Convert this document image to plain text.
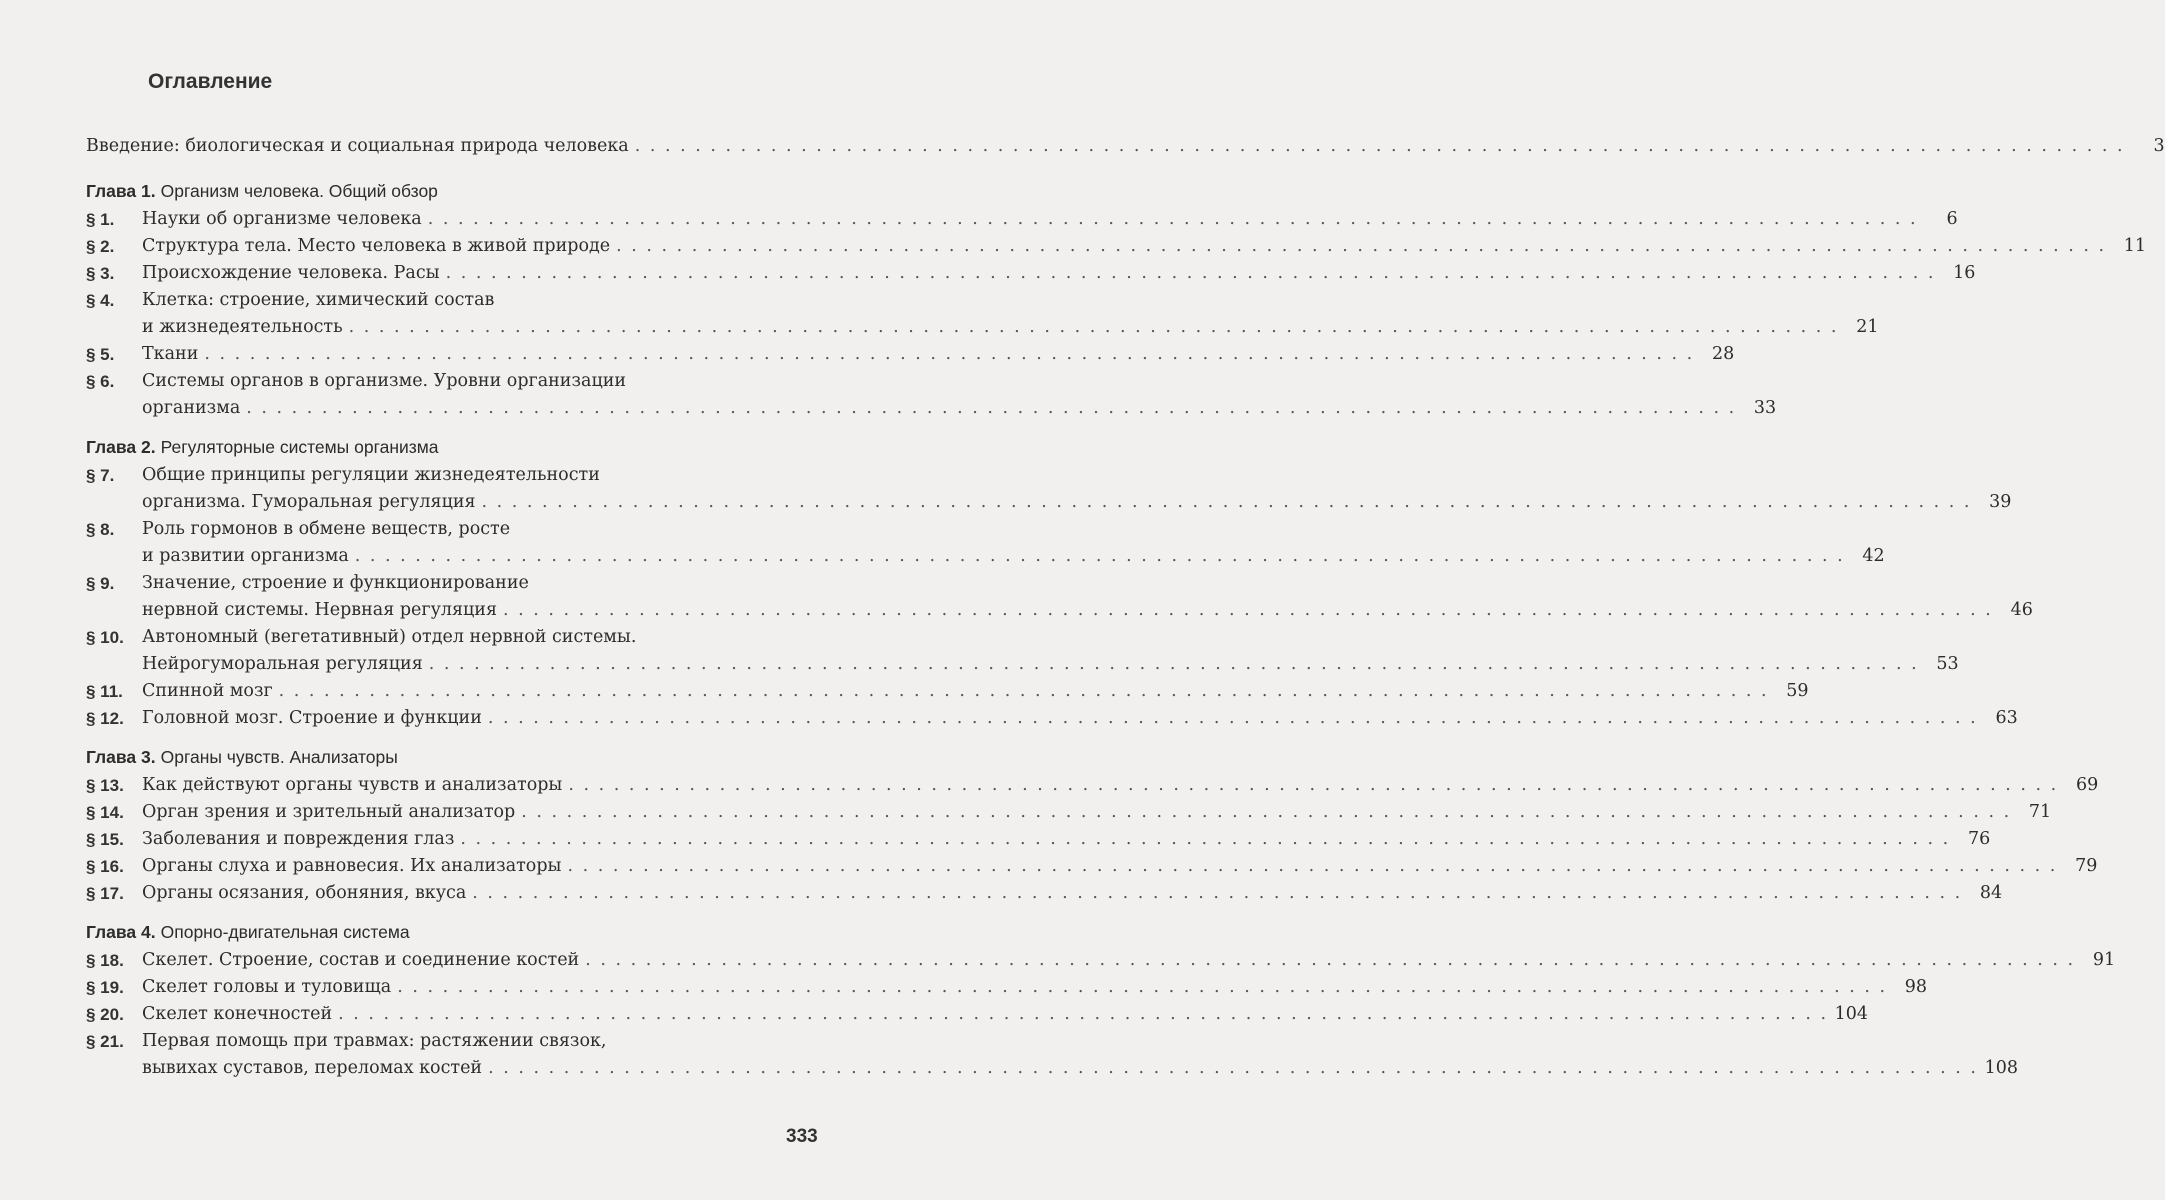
Оглавление
Введение: биологическая и социальная природа человека . . .	3
Глава 1. Организм человека. Общий обзор
§ 1.	Науки об организме человека . . .	6
§ 2.	Структура тела. Место человека в живой природе . . .	11
§ 3.	Происхождение человека. Расы . . .	16
§ 4.	Клетка: строение, химический состав
и жизнедеятельность . . .	21
§ 5.	Ткани . . .	28
§ 6.	Системы органов в организме. Уровни организации
организма . . .	33
Глава 2. Регуляторные системы организма
§ 7.	Общие принципы регуляции жизнедеятельности
организма. Гуморальная регуляция . . .	39
§ 8.	Роль гормонов в обмене веществ, росте
и развитии организма . . .	42
§ 9.	Значение, строение и функционирование
нервной системы. Нервная регуляция . . .	46
§ 10.	Автономный (вегетативный) отдел нервной системы.
Нейрогуморальная регуляция . . .	53
§ 11.	Спинной мозг . . .	59
§ 12.	Головной мозг. Строение и функции . . .	63
Глава 3. Органы чувств. Анализаторы
§ 13.	Как действуют органы чувств и анализаторы . . .	69
§ 14.	Орган зрения и зрительный анализатор . . .	71
§ 15.	Заболевания и повреждения глаз . . .	76
§ 16.	Органы слуха и равновесия. Их анализаторы . . .	79
§ 17.	Органы осязания, обоняния, вкуса . . .	84
Глава 4. Опорно-двигательная система
§ 18.	Скелет. Строение, состав и соединение костей . . .	91
§ 19.	Скелет головы и туловища . . .	98
§ 20.	Скелет конечностей . . .	104
§ 21.	Первая помощь при травмах: растяжении связок,
вывихах суставов, переломах костей . . .	108
333
